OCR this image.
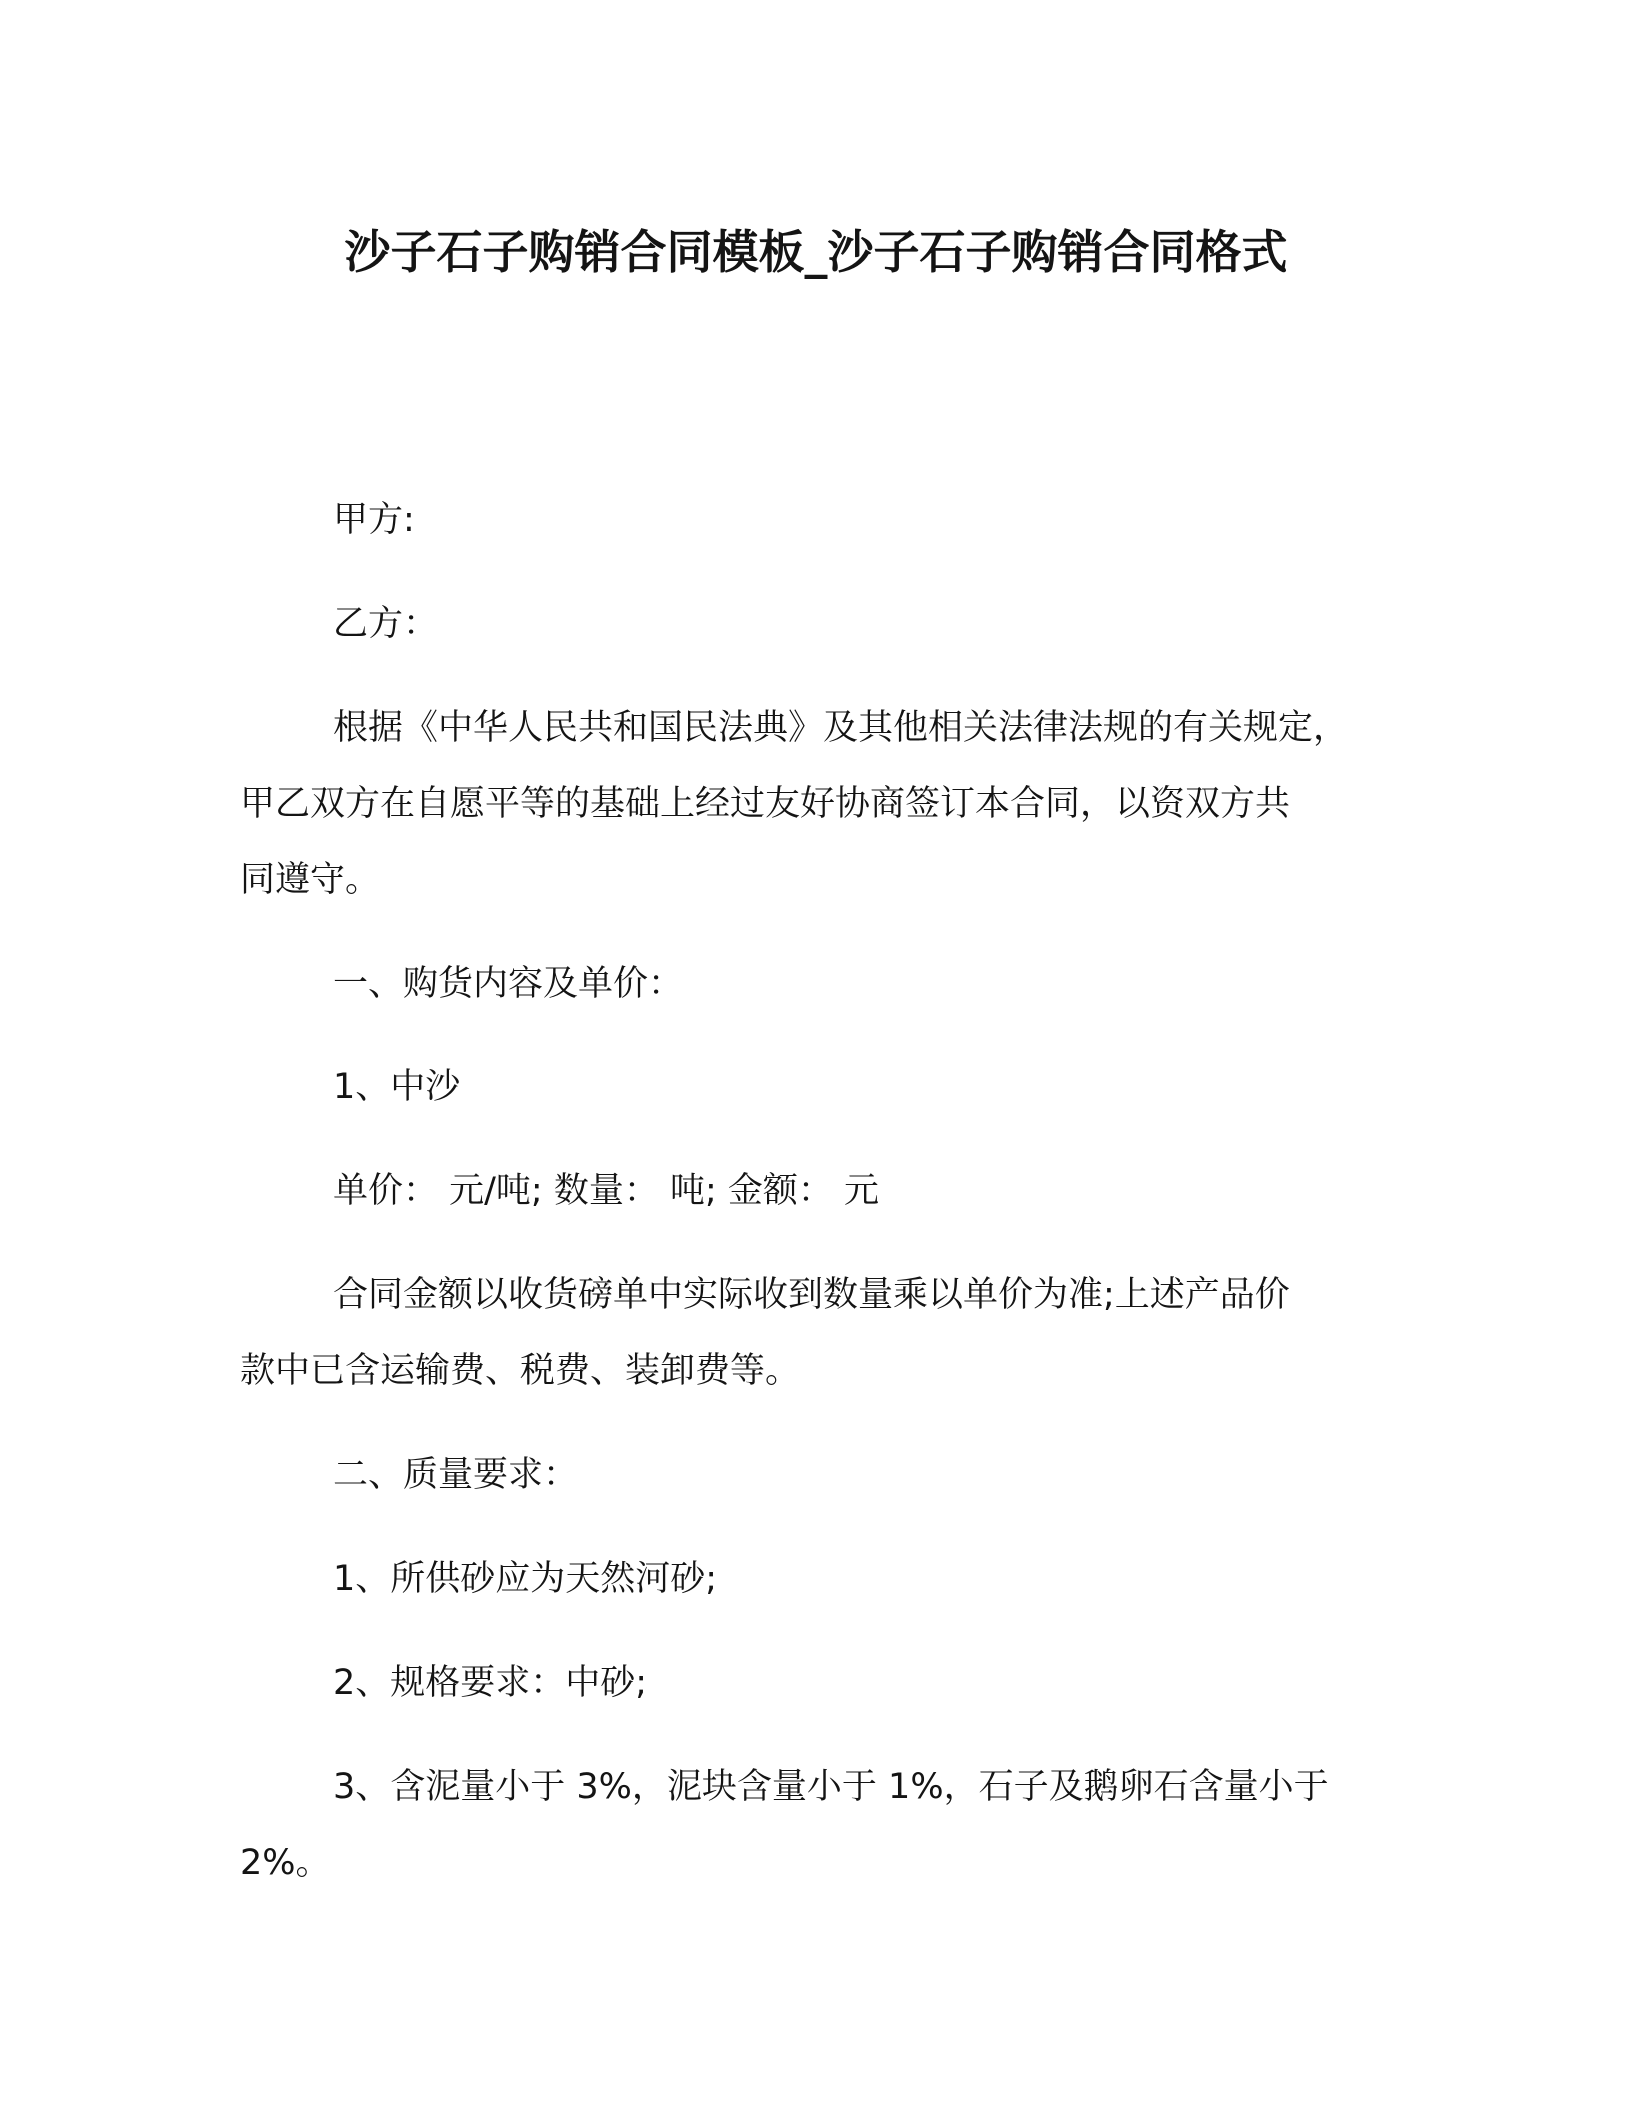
沙子石子购销合同模板_沙子石子购销合同格式

甲方:

乙方：

根据《中华人民共和国民法典》及其他相关法律法规的有关规定，

甲乙双方在自愿平等的基础上经过友好协商签订本合同，以资双方共

同遵守。

一、购货内容及单价：

1、中沙

单价： 元/吨; 数量： 吨; 金额： 元

合同金额以收货磅单中实际收到数量乘以单价为准;上述产品价

款中已含运输费、税费、装卸费等。

二、质量要求：

1、所供砂应为天然河砂;

2、规格要求：中砂;

3、含泥量小于 3%，泥块含量小于 1%，石子及鹅卵石含量小于

2%。
